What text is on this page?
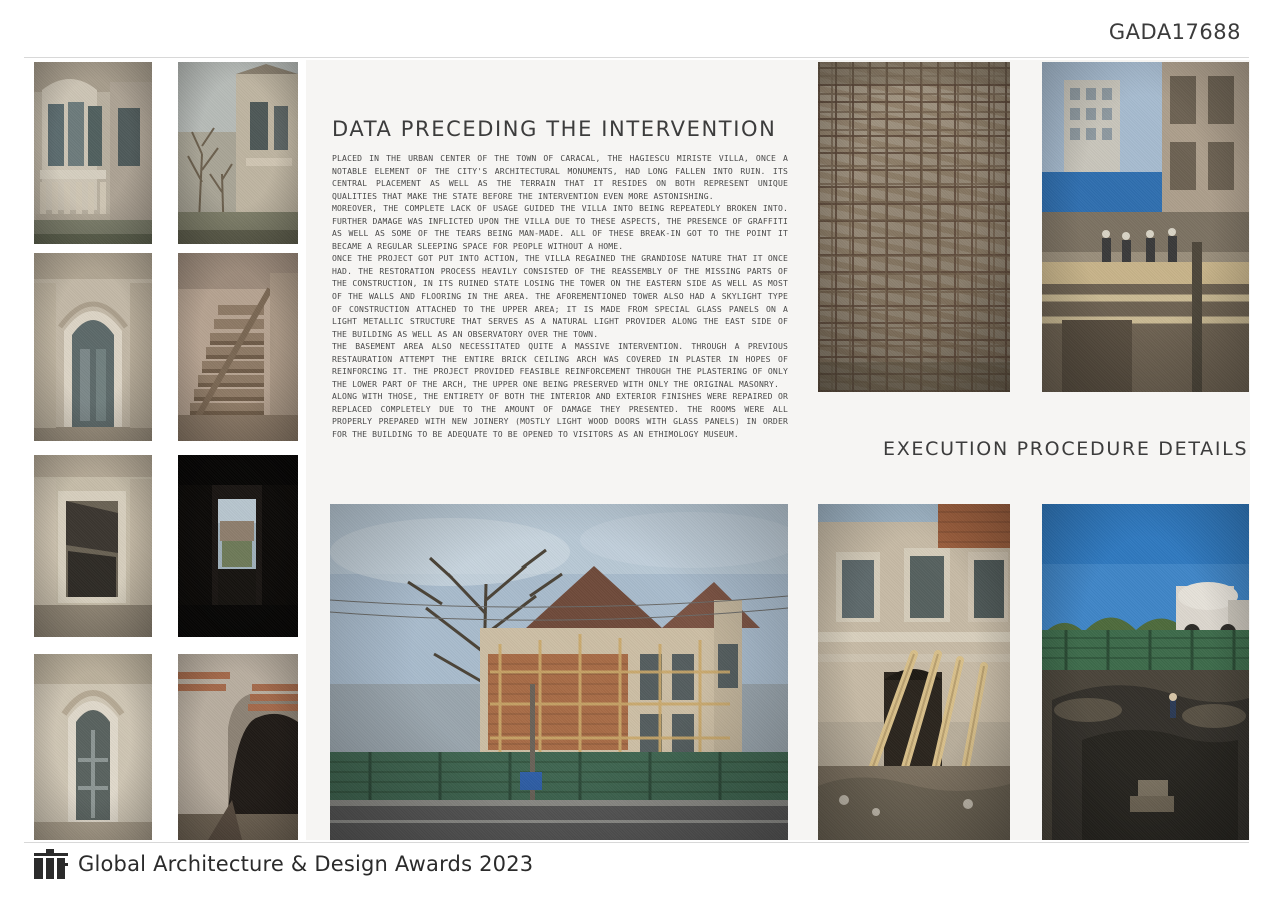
GADA17688
DATA PRECEDING THE INTERVENTION

PLACED IN THE URBAN CENTER OF THE TOWN OF CARACAL, THE HAGIESCU MIRISTE VILLA, ONCE A NOTABLE ELEMENT OF THE CITY'S ARCHITECTURAL MONUMENTS, HAD LONG FALLEN INTO RUIN. ITS CENTRAL PLACEMENT AS WELL AS THE TERRAIN THAT IT RESIDES ON BOTH REPRESENT UNIQUE QUALITIES THAT MAKE THE STATE BEFORE THE INTERVENTION EVEN MORE ASTONISHING.

MOREOVER, THE COMPLETE LACK OF USAGE GUIDED THE VILLA INTO BEING REPEATEDLY BROKEN INTO. FURTHER DAMAGE WAS INFLICTED UPON THE VILLA DUE TO THESE ASPECTS, THE PRESENCE OF GRAFFITI AS WELL AS SOME OF THE TEARS BEING MAN-MADE. ALL OF THESE BREAK-IN GOT TO THE POINT IT BECAME A REGULAR SLEEPING SPACE FOR PEOPLE WITHOUT A HOME.

ONCE THE PROJECT GOT PUT INTO ACTION, THE VILLA REGAINED THE GRANDIOSE NATURE THAT IT ONCE HAD. THE RESTORATION PROCESS HEAVILY CONSISTED OF THE REASSEMBLY OF THE MISSING PARTS OF THE CONSTRUCTION, IN ITS RUINED STATE LOSING THE TOWER ON THE EASTERN SIDE AS WELL AS MOST OF THE WALLS AND FLOORING IN THE AREA. THE AFOREMENTIONED TOWER ALSO HAD A SKYLIGHT TYPE OF CONSTRUCTION ATTACHED TO THE UPPER AREA; IT IS MADE FROM SPECIAL GLASS PANELS ON A LIGHT METALLIC STRUCTURE THAT SERVES AS A NATURAL LIGHT PROVIDER ALONG THE EAST SIDE OF THE BUILDING AS WELL AS AN OBSERVATORY OVER THE TOWN.

THE BASEMENT AREA ALSO NECESSITATED QUITE A MASSIVE INTERVENTION. THROUGH A PREVIOUS RESTAURATION ATTEMPT THE ENTIRE BRICK CEILING ARCH WAS COVERED IN PLASTER IN HOPES OF REINFORCING IT. THE PROJECT PROVIDED FEASIBLE REINFORCEMENT THROUGH THE PLASTERING OF ONLY THE LOWER PART OF THE ARCH, THE UPPER ONE BEING PRESERVED WITH ONLY THE ORIGINAL MASONRY.

ALONG WITH THOSE, THE ENTIRETY OF BOTH THE INTERIOR AND EXTERIOR FINISHES WERE REPAIRED OR REPLACED COMPLETELY DUE TO THE AMOUNT OF DAMAGE THEY PRESENTED. THE ROOMS WERE ALL PROPERLY PREPARED WITH NEW JOINERY (MOSTLY LIGHT WOOD DOORS WITH GLASS PANELS) IN ORDER FOR THE BUILDING TO BE ADEQUATE TO BE OPENED TO VISITORS AS AN ETHIMOLOGY MUSEUM.

EXECUTION PROCEDURE DETAILS
Global Architecture & Design Awards 2023
